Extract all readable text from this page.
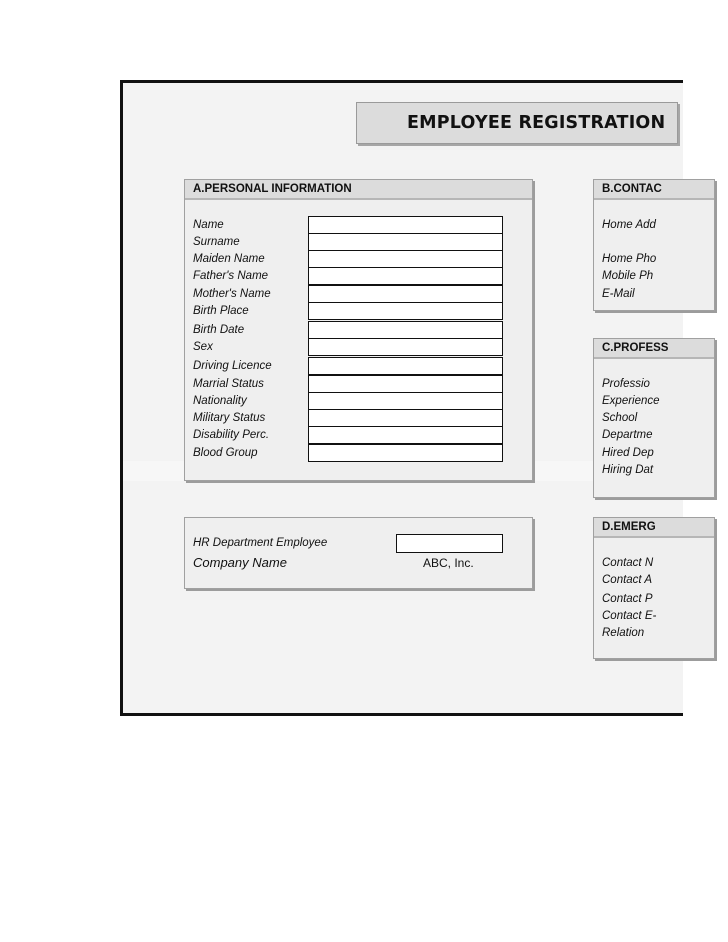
EMPLOYEE REGISTRATION
A.PERSONAL INFORMATION
Name
Surname
Maiden Name
Father's Name
Mother's Name
Birth Place
Birth Date
Sex
Driving Licence
Marrial Status
Nationality
Military Status
Disability Perc.
Blood Group
HR Department Employee
Company Name	ABC, Inc.
B.CONTAC
Home Add
Home Pho
Mobile Ph
E-Mail
C.PROFESS
Professio
Experience
School
Departme
Hired Dep
Hiring Dat
D.EMERG
Contact N
Contact A
Contact P
Contact E-
Relation
